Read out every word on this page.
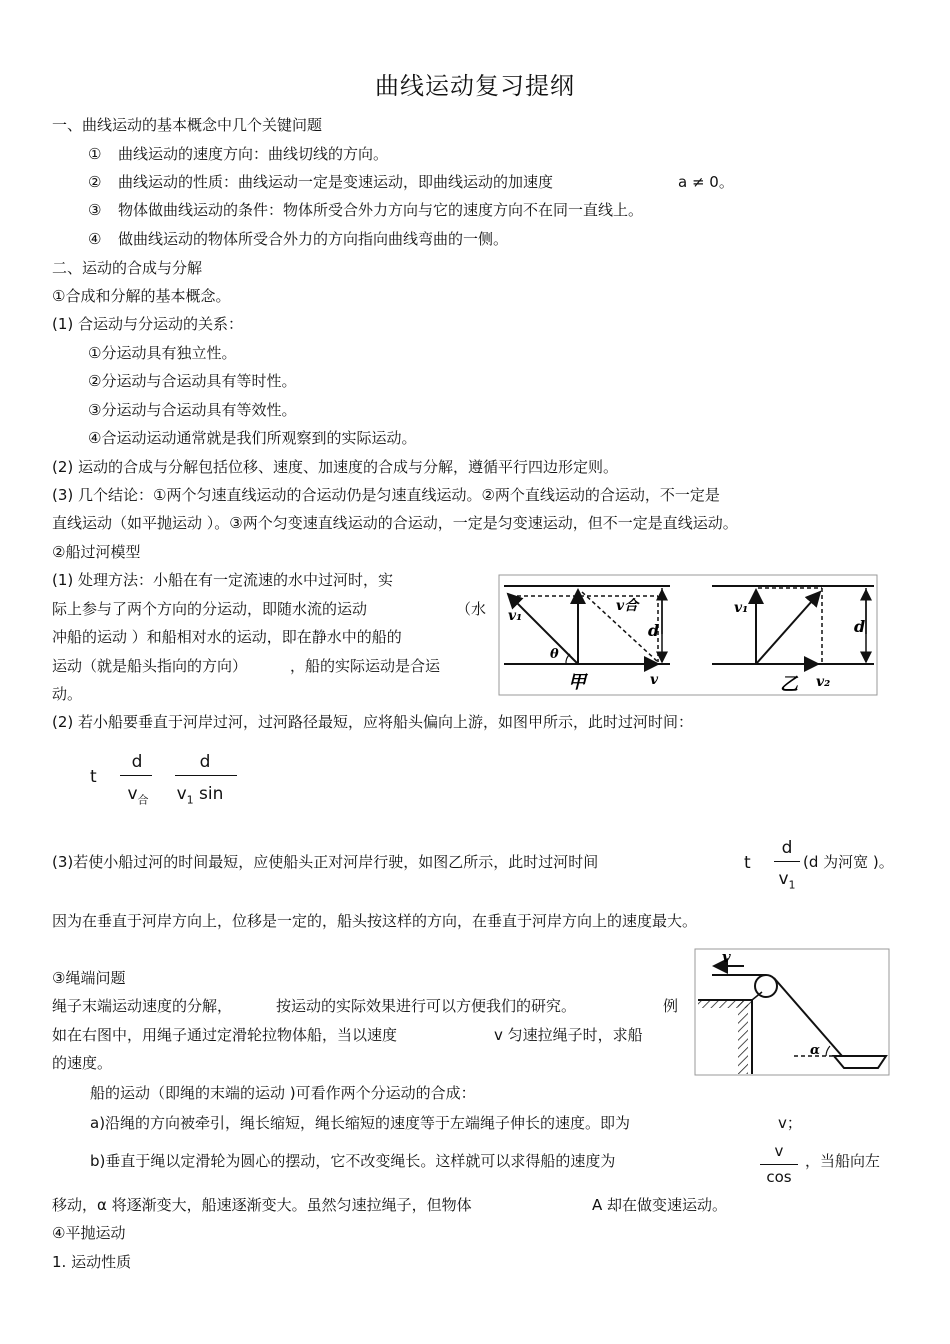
曲线运动复习提纲
一、曲线运动的基本概念中几个关键问题
① 曲线运动的速度方向：曲线切线的方向。
② 曲线运动的性质：曲线运动一定是变速运动，即曲线运动的加速度	a ≠ 0。
③ 物体做曲线运动的条件：物体所受合外力方向与它的速度方向不在同一直线上。
④ 做曲线运动的物体所受合外力的方向指向曲线弯曲的一侧。
二、运动的合成与分解
①合成和分解的基本概念。
(1) 合运动与分运动的关系：
①分运动具有独立性。
②分运动与合运动具有等时性。
③分运动与合运动具有等效性。
④合运动运动通常就是我们所观察到的实际运动。
(2) 运动的合成与分解包括位移、速度、加速度的合成与分解，遵循平行四边形定则。
(3) 几个结论：①两个匀速直线运动的合运动仍是匀速直线运动。②两个直线运动的合运动，不一定是
直线运动（如平抛运动 ）。③两个匀变速直线运动的合运动，一定是匀变速运动，但不一定是直线运动。
②船过河模型
(1) 处理方法：小船在有一定流速的水中过河时，实
际上参与了两个方向的分运动，即随水流的运动	（水
冲船的运动 ）和船相对水的运动，即在静水中的船的
运动（就是船头指向的方向）	，船的实际运动是合运
动。
v₁
v合
d
θ
v
甲
v₁
d
乙 v₂
(2) 若小船要垂直于河岸过河，过河路径最短，应将船头偏向上游，如图甲所示，此时过河时间：
t
d
$v_合$
d
$v_1$ sin
(3)若使小船过河的时间最短，应使船头正对河岸行驶，如图乙所示，此时过河时间	t
d
$v_1$
(d 为河宽 )。
因为在垂直于河岸方向上，位移是一定的，船头按这样的方向，在垂直于河岸方向上的速度最大。
③绳端问题
绳子末端运动速度的分解，	按运动的实际效果进行可以方便我们的研究。	例
如在右图中，用绳子通过定滑轮拉物体船，当以速度	v 匀速拉绳子时，求船
的速度。
v
α
船的运动（即绳的末端的运动 )可看作两个分运动的合成：
a)沿绳的方向被牵引，绳长缩短，绳长缩短的速度等于左端绳子伸长的速度。即为	v；
b)垂直于绳以定滑轮为圆心的摆动，它不改变绳长。这样就可以求得船的速度为
v
cos
，当船向左
移动，α 将逐渐变大，船速逐渐变大。虽然匀速拉绳子，但物体	A 却在做变速运动。
④平抛运动
1. 运动性质
